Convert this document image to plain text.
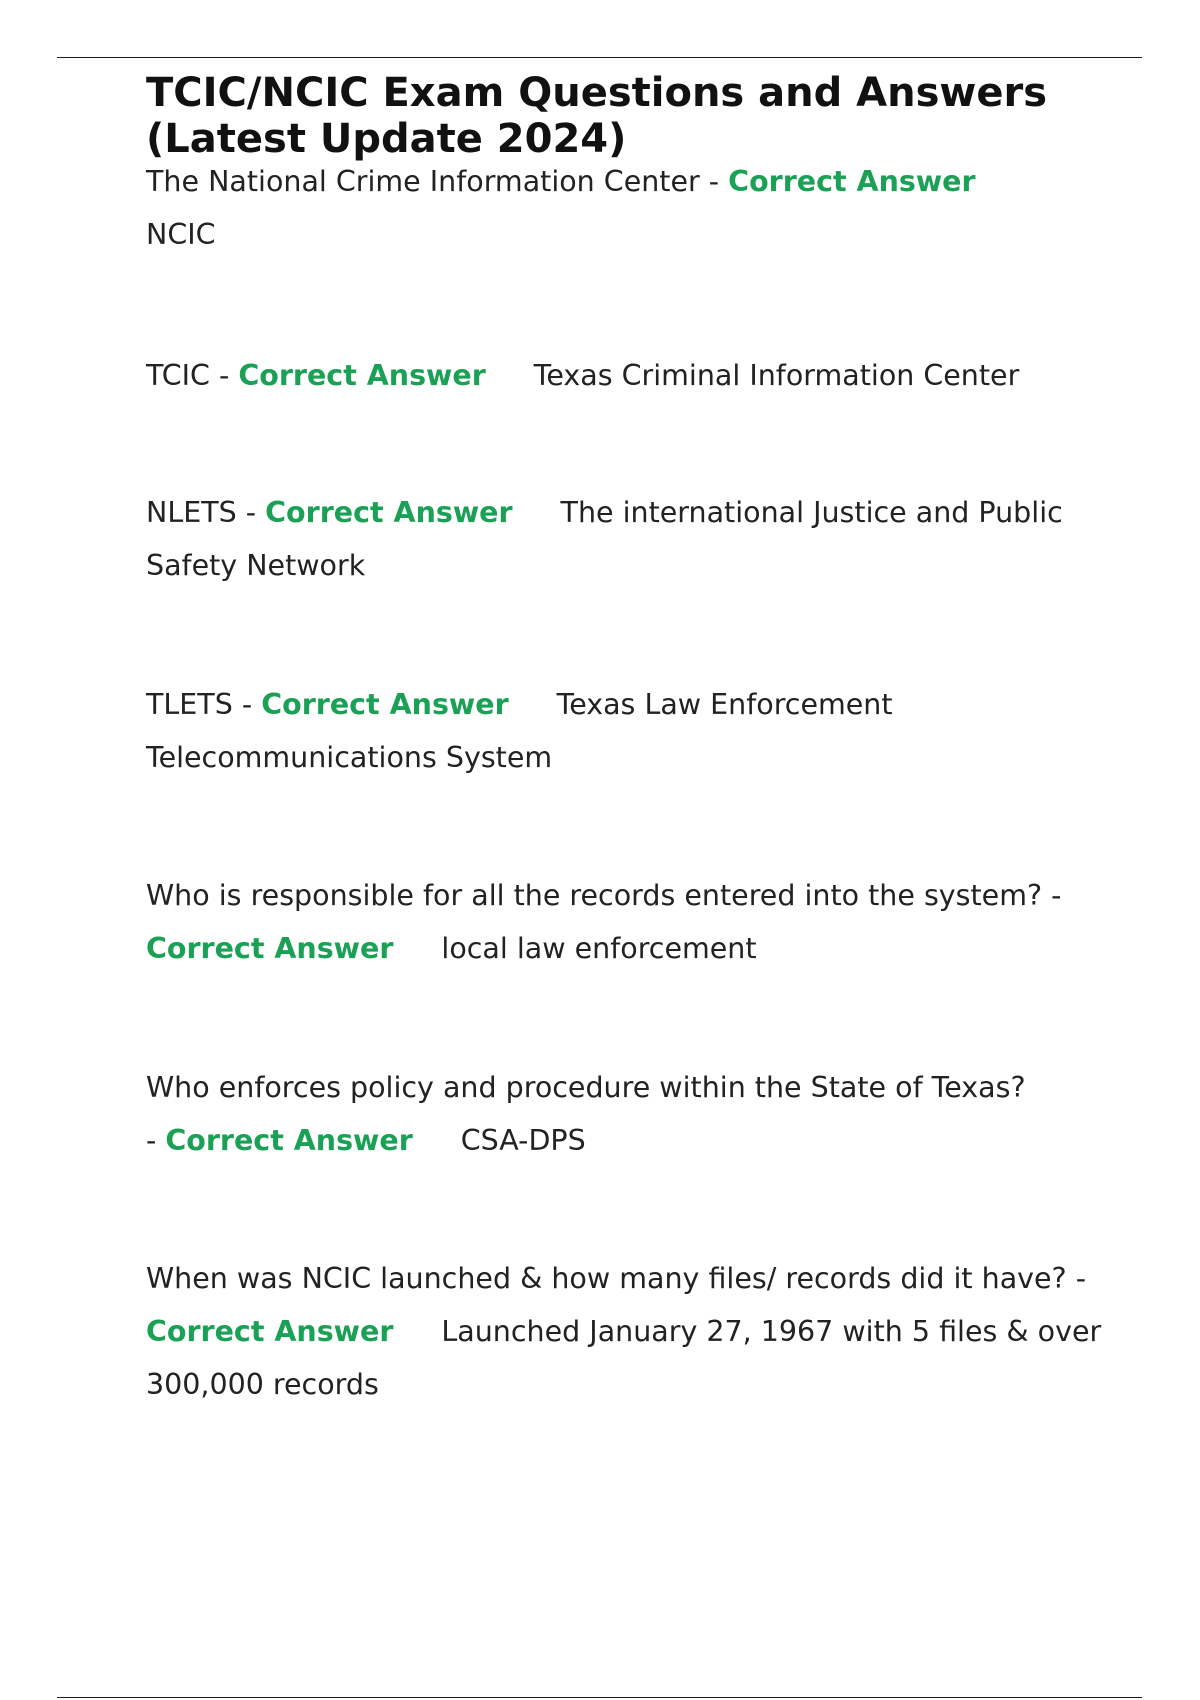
TCIC/NCIC Exam Questions and Answers
(Latest Update 2024)

The National Crime Information Center - Correct Answer
NCIC

TCIC - Correct Answer Texas Criminal Information Center

NLETS - Correct Answer The international Justice and Public Safety Network

TLETS - Correct Answer Texas Law Enforcement Telecommunications System

Who is responsible for all the records entered into the system? - Correct Answer local law enforcement

Who enforces policy and procedure within the State of Texas?
- Correct Answer CSA-DPS

When was NCIC launched & how many files/ records did it have? - Correct Answer Launched January 27, 1967 with 5 files & over 300,000 records
